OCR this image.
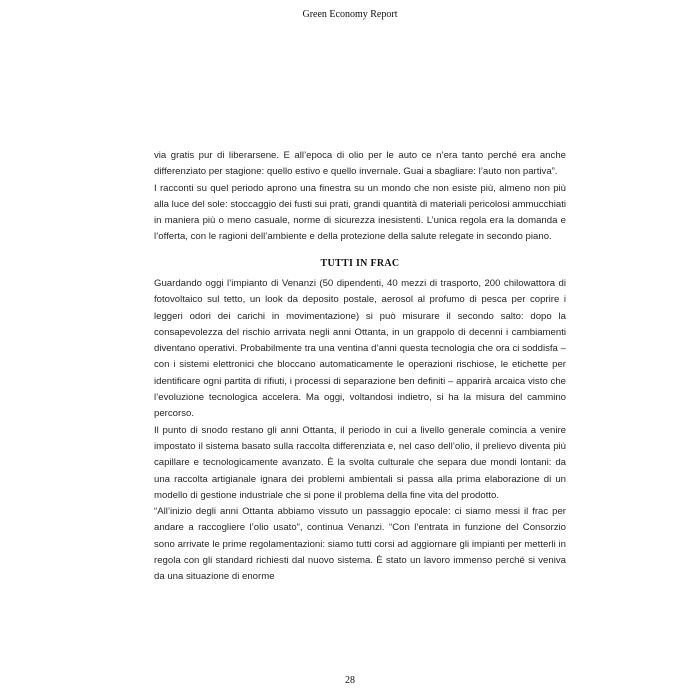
Green Economy Report

via gratis pur di liberarsene. E all’epoca di olio per le auto ce n’era tanto perché era anche differenziato per stagione: quello estivo e quello invernale. Guai a sbagliare: l’auto non partiva”.

I racconti su quel periodo aprono una finestra su un mondo che non esiste più, almeno non più alla luce del sole: stoccaggio dei fusti sui prati, grandi quantità di materiali pericolosi ammucchiati in maniera più o meno casuale, norme di sicurezza inesistenti. L’unica regola era la domanda e l’offerta, con le ragioni dell’ambiente e della protezione della salute relegate in secondo piano.

TUTTI IN FRAC

Guardando oggi l’impianto di Venanzi (50 dipendenti, 40 mezzi di trasporto, 200 chilowattora di fotovoltaico sul tetto, un look da deposito postale, aerosol al profumo di pesca per coprire i leggeri odori dei carichi in movimentazione) si può misurare il secondo salto: dopo la consapevolezza del rischio arrivata negli anni Ottanta, in un grappolo di decenni i cambiamenti diventano operativi. Probabilmente tra una ventina d’anni questa tecnologia che ora ci soddisfa – con i sistemi elettronici che bloccano automaticamente le operazioni rischiose, le etichette per identificare ogni partita di rifiuti, i processi di separazione ben definiti – apparirà arcaica visto che l’evoluzione tecnologica accelera. Ma oggi, voltandosi indietro, si ha la misura del cammino percorso.

Il punto di snodo restano gli anni Ottanta, il periodo in cui a livello generale comincia a venire impostato il sistema basato sulla raccolta differenziata e, nel caso dell’olio, il prelievo diventa più capillare e tecnologicamente avanzato. È la svolta culturale che separa due mondi lontani: da una raccolta artigianale ignara dei problemi ambientali si passa alla prima elaborazione di un modello di gestione industriale che si pone il problema della fine vita del prodotto.

“All’inizio degli anni Ottanta abbiamo vissuto un passaggio epocale: ci siamo messi il frac per andare a raccogliere l’olio usato”, continua Venanzi. “Con l’entrata in funzione del Consorzio sono arrivate le prime regolamentazioni: siamo tutti corsi ad aggiornare gli impianti per metterli in regola con gli standard richiesti dal nuovo sistema. È stato un lavoro immenso perché si veniva da una situazione di enorme

28
